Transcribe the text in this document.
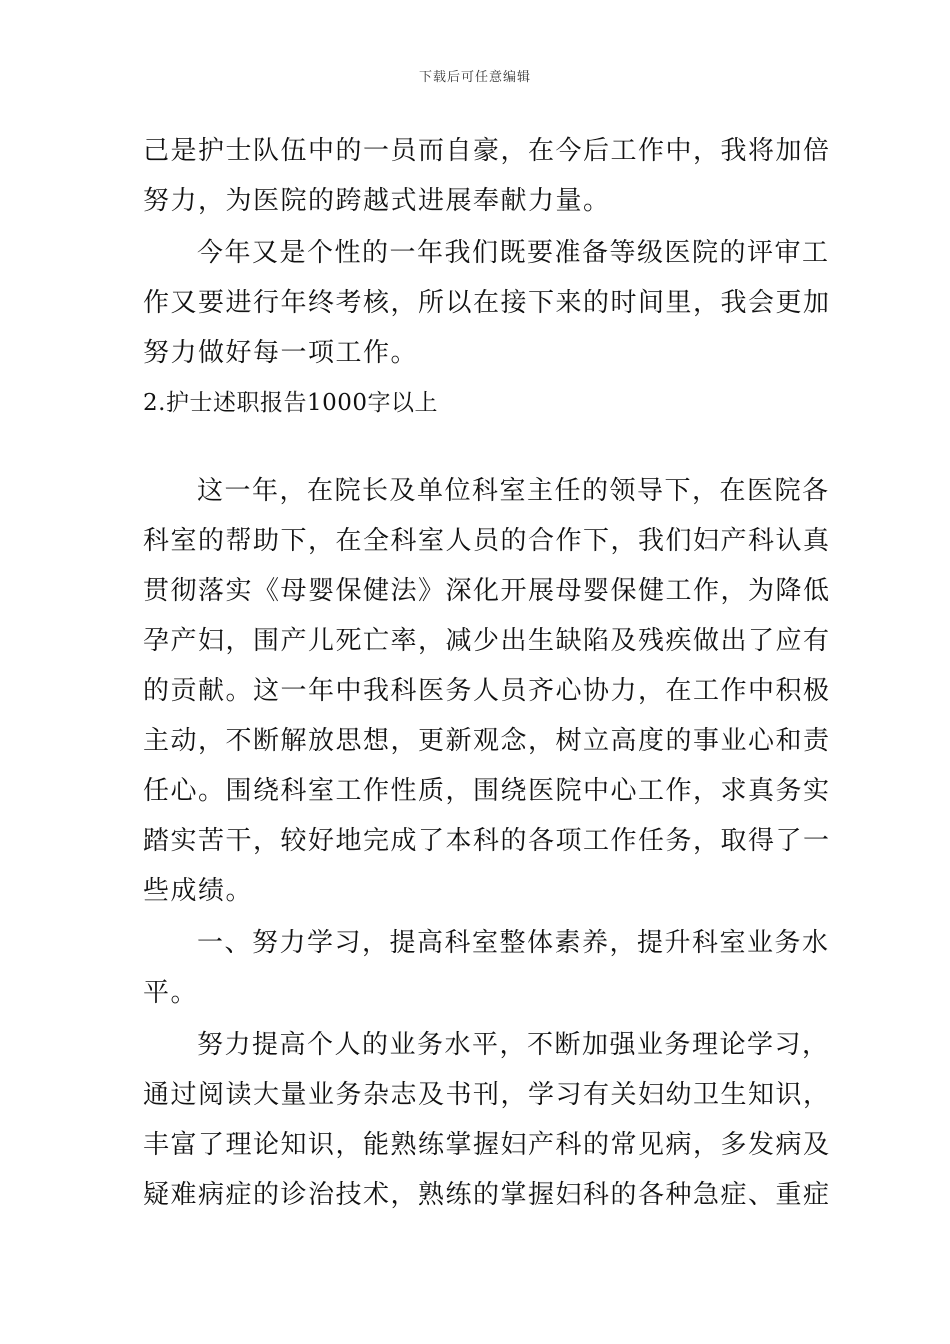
下载后可任意编辑
己是护士队伍中的一员而自豪，在今后工作中，我将加倍
努力，为医院的跨越式进展奉献力量。
今年又是个性的一年我们既要准备等级医院的评审工
作又要进行年终考核，所以在接下来的时间里，我会更加
努力做好每一项工作。
2.护士述职报告1000字以上
这一年，在院长及单位科室主任的领导下，在医院各
科室的帮助下，在全科室人员的合作下，我们妇产科认真
贯彻落实《母婴保健法》深化开展母婴保健工作，为降低
孕产妇，围产儿死亡率，减少出生缺陷及残疾做出了应有
的贡献。这一年中我科医务人员齐心协力，在工作中积极
主动，不断解放思想，更新观念，树立高度的事业心和责
任心。围绕科室工作性质，围绕医院中心工作，求真务实
踏实苦干，较好地完成了本科的各项工作任务，取得了一
些成绩。
一、努力学习，提高科室整体素养，提升科室业务水
平。
努力提高个人的业务水平，不断加强业务理论学习，
通过阅读大量业务杂志及书刊，学习有关妇幼卫生知识，
丰富了理论知识，能熟练掌握妇产科的常见病，多发病及
疑难病症的诊治技术，熟练的掌握妇科的各种急症、重症
